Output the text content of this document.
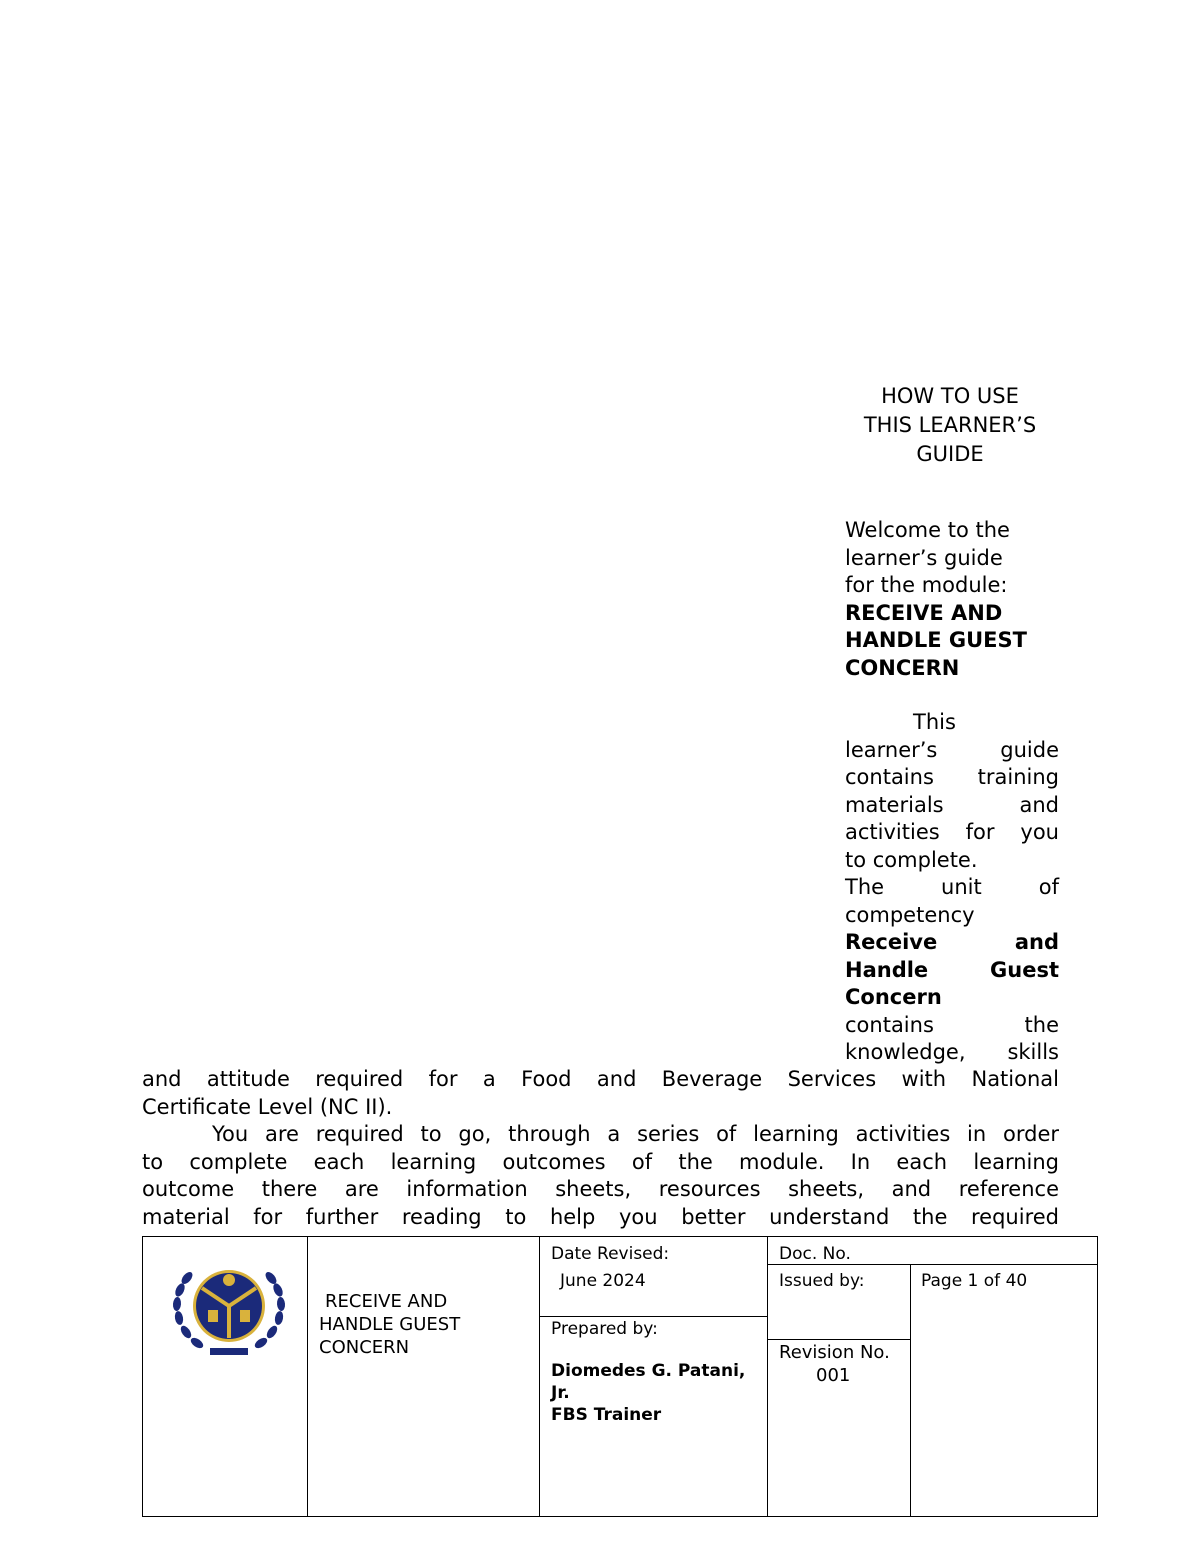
HOW TO USE
THIS LEARNER’S
GUIDE
Welcome to the
learner’s guide
for the module:
RECEIVE AND
HANDLE GUEST
CONCERN
This
learner’s guide
contains training
materials and
activities for you
to complete.
The unit of
competency
Receive and
Handle Guest
Concern
contains the
knowledge, skills
and attitude required for a Food and Beverage Services with National
Certificate Level (NC II).
You are required to go, through a series of learning activities in order
to complete each learning outcomes of the module. In each learning
outcome there are information sheets, resources sheets, and reference
material for further reading to help you better understand the required
RECEIVE AND
HANDLE GUEST
CONCERN
Date Revised:
June 2024
Prepared by:
Diomedes G. Patani,
Jr.
FBS Trainer
Doc. No.
Issued by:	Page 1 of 40
Revision No.
001
